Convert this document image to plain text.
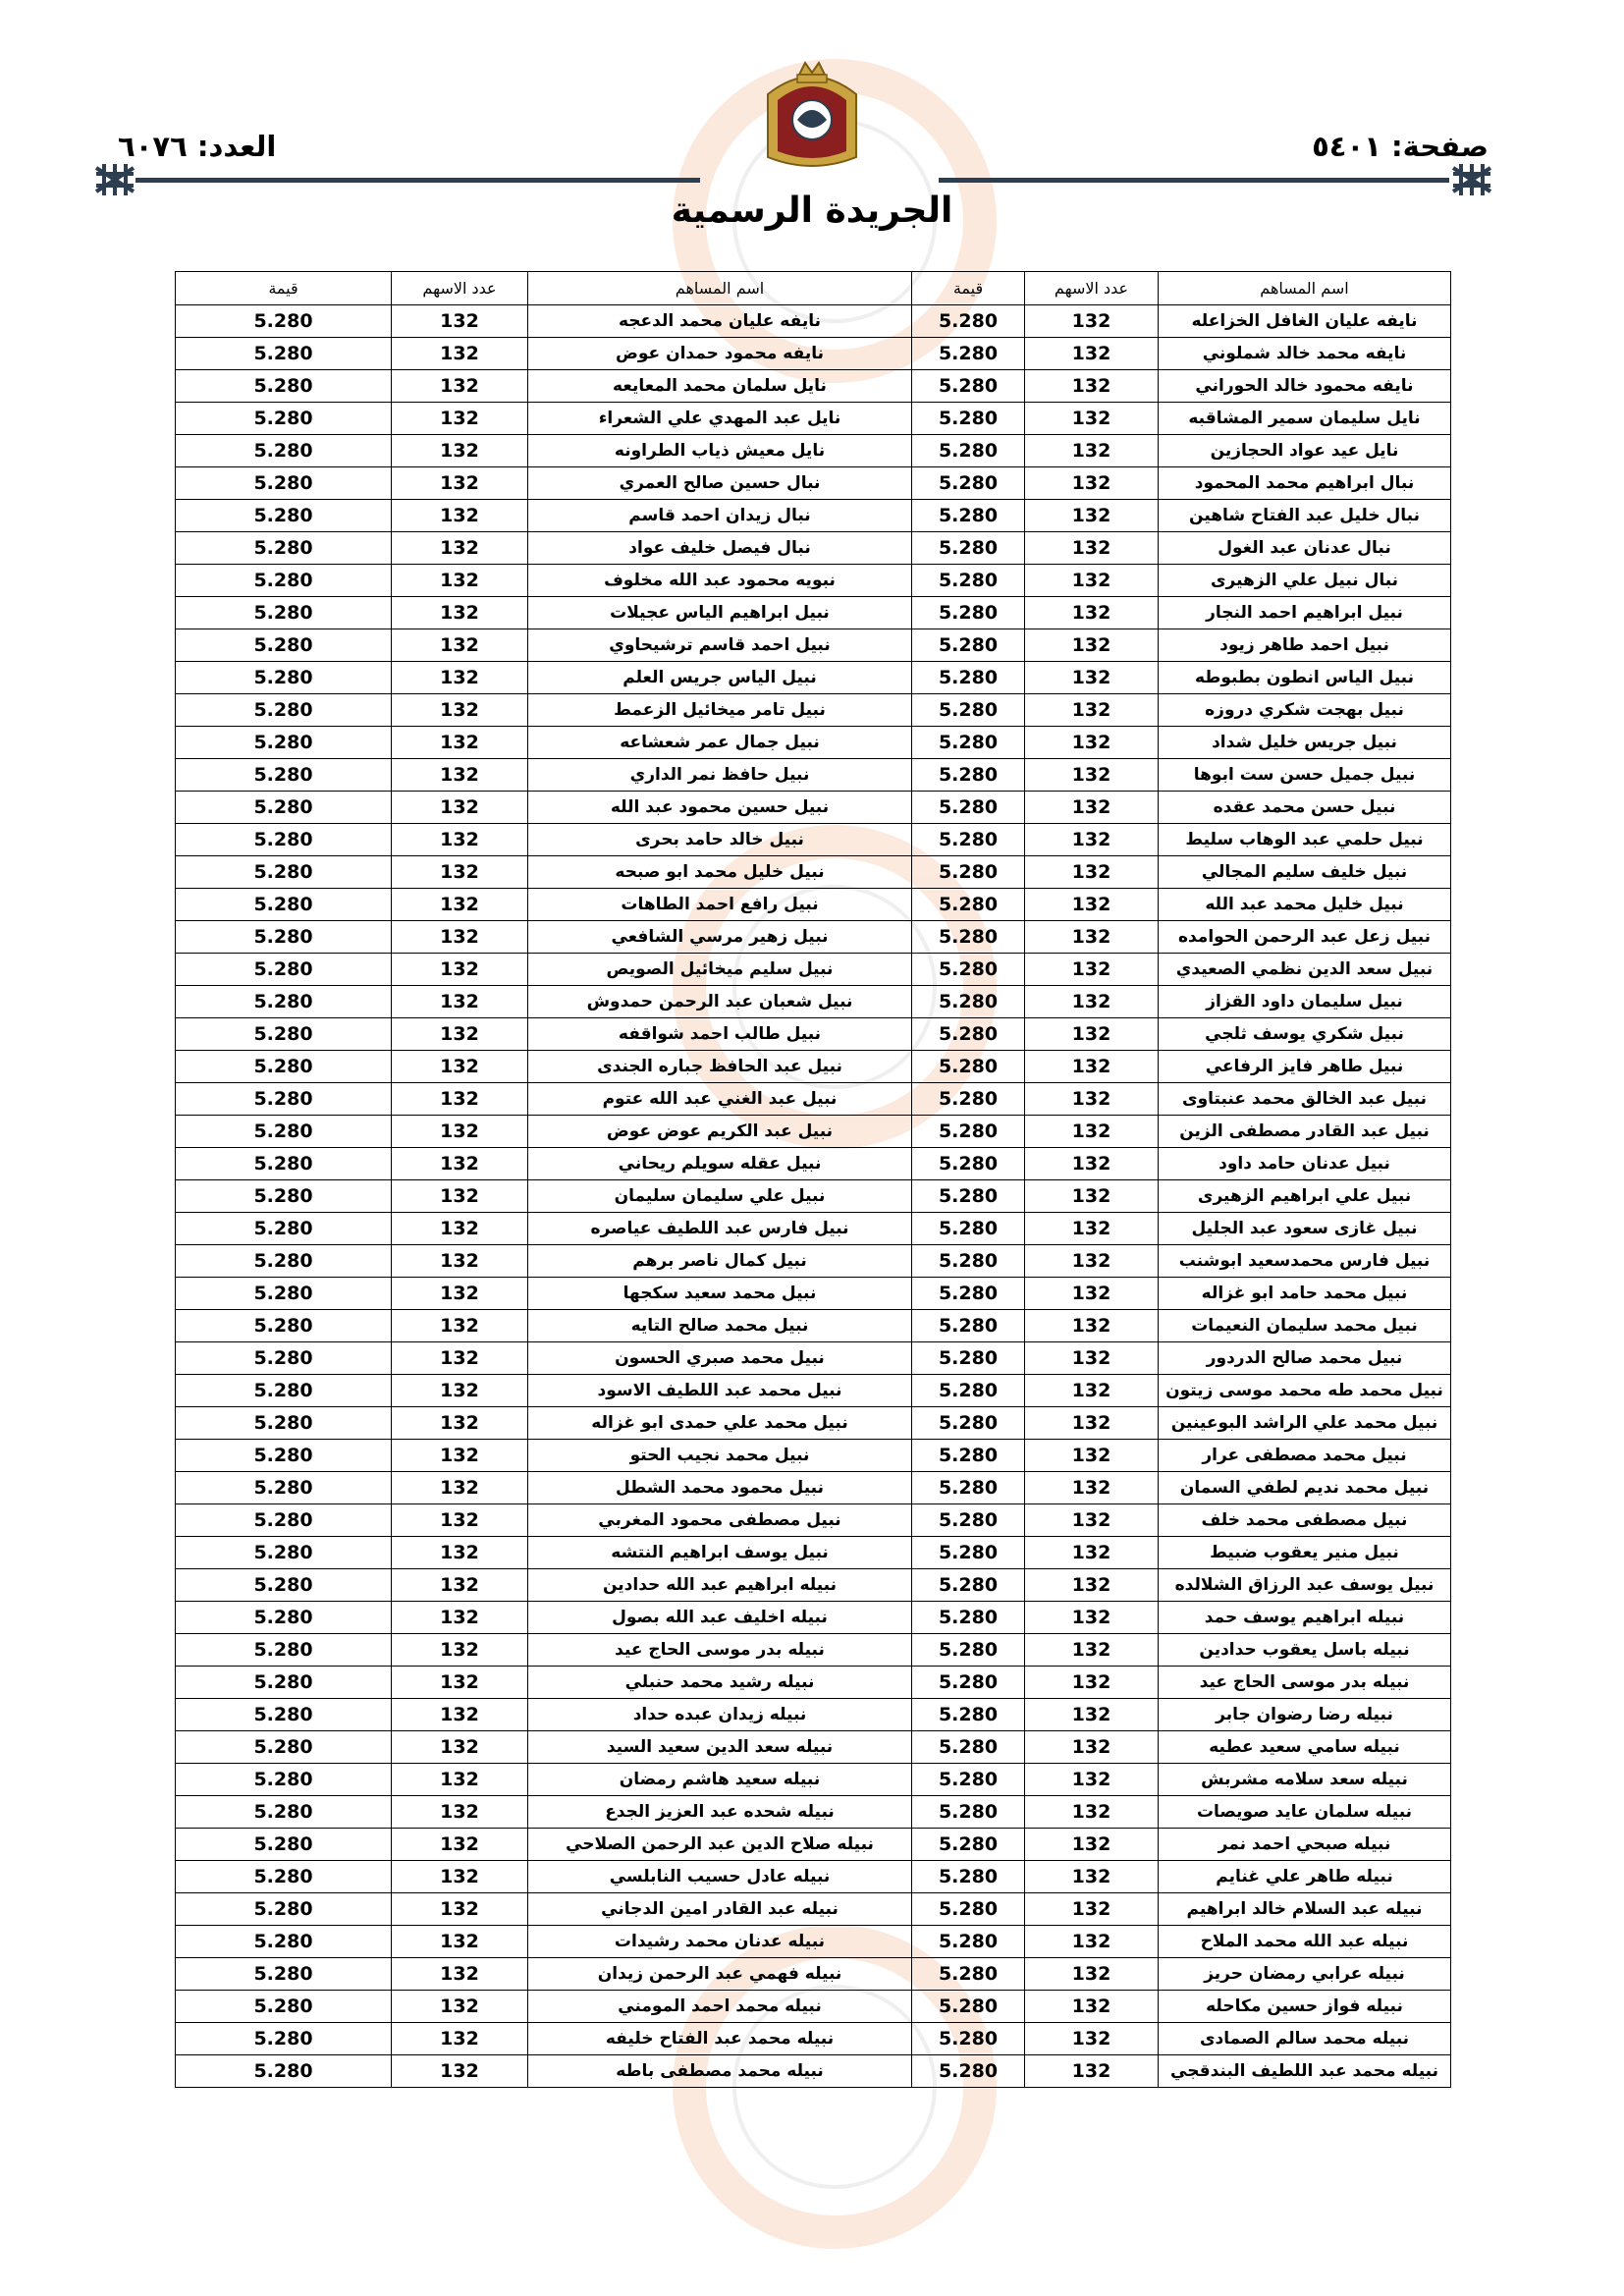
صفحة: ٥٤٠١
العدد: ٦٠٧٦
الجريدة الرسمية
اسم المساهم	عدد الاسهم	قيمة	اسم المساهم	عدد الاسهم	قيمة
نايفه عليان الغافل الخزاعله	132	5.280	نايفه عليان محمد الدعجه	132	5.280
نايفه محمد خالد شملوني	132	5.280	نايفه محمود حمدان عوض	132	5.280
نايفه محمود خالد الحوراني	132	5.280	نايل سلمان محمد المعايعه	132	5.280
نايل سليمان سمير المشاقبه	132	5.280	نايل عبد المهدي علي الشعراء	132	5.280
نايل عيد عواد الحجازين	132	5.280	نايل معيش ذياب الطراونه	132	5.280
نبال ابراهيم محمد المحمود	132	5.280	نبال حسين صالح العمري	132	5.280
نبال خليل عبد الفتاح شاهين	132	5.280	نبال زيدان احمد قاسم	132	5.280
نبال عدنان عبد الغول	132	5.280	نبال فيصل خليف عواد	132	5.280
نبال نبيل علي الزهيرى	132	5.280	نبويه محمود عبد الله مخلوف	132	5.280
نبيل ابراهيم احمد النجار	132	5.280	نبيل ابراهيم الياس عجيلات	132	5.280
نبيل احمد طاهر زيود	132	5.280	نبيل احمد قاسم ترشيحاوي	132	5.280
نبيل الياس انطون بطبوطه	132	5.280	نبيل الياس جريس العلم	132	5.280
نبيل بهجت شكري دروزه	132	5.280	نبيل تامر ميخائيل الزعمط	132	5.280
نبيل جريس خليل شداد	132	5.280	نبيل جمال عمر شعشاعه	132	5.280
نبيل جميل حسن ست ابوها	132	5.280	نبيل حافظ نمر الداري	132	5.280
نبيل حسن محمد عقده	132	5.280	نبيل حسين محمود عبد الله	132	5.280
نبيل حلمي عبد الوهاب سليط	132	5.280	نبيل خالد حامد بحرى	132	5.280
نبيل خليف سليم المجالي	132	5.280	نبيل خليل محمد ابو صبحه	132	5.280
نبيل خليل محمد عبد الله	132	5.280	نبيل رافع احمد الطاهات	132	5.280
نبيل زعل عبد الرحمن الحوامده	132	5.280	نبيل زهير مرسي الشافعي	132	5.280
نبيل سعد الدين نظمي الصعيدي	132	5.280	نبيل سليم ميخائيل الصويص	132	5.280
نبيل سليمان داود القزاز	132	5.280	نبيل شعبان عبد الرحمن حمدوش	132	5.280
نبيل شكري يوسف ثلجي	132	5.280	نبيل طالب احمد شواقفه	132	5.280
نبيل طاهر فايز الرفاعي	132	5.280	نبيل عبد الحافظ جباره الجندى	132	5.280
نبيل عبد الخالق محمد عنبتاوى	132	5.280	نبيل عبد الغني عبد الله عتوم	132	5.280
نبيل عبد القادر مصطفى الزين	132	5.280	نبيل عبد الكريم عوض عوض	132	5.280
نبيل عدنان حامد داود	132	5.280	نبيل عقله سويلم ريحاني	132	5.280
نبيل علي ابراهيم الزهيرى	132	5.280	نبيل علي سليمان سليمان	132	5.280
نبيل غازى سعود عبد الجليل	132	5.280	نبيل فارس عبد اللطيف عياصره	132	5.280
نبيل فارس محمدسعيد ابوشنب	132	5.280	نبيل كمال ناصر برهم	132	5.280
نبيل محمد حامد ابو غزاله	132	5.280	نبيل محمد سعيد سكجها	132	5.280
نبيل محمد سليمان النعيمات	132	5.280	نبيل محمد صالح التايه	132	5.280
نبيل محمد صالح الدردور	132	5.280	نبيل محمد صبري الحسون	132	5.280
نبيل محمد طه محمد موسى زيتون	132	5.280	نبيل محمد عبد اللطيف الاسود	132	5.280
نبيل محمد علي الراشد البوعينين	132	5.280	نبيل محمد علي حمدى ابو غزاله	132	5.280
نبيل محمد مصطفى عرار	132	5.280	نبيل محمد نجيب الحتو	132	5.280
نبيل محمد نديم لطفي السمان	132	5.280	نبيل محمود محمد الشطل	132	5.280
نبيل مصطفى محمد خلف	132	5.280	نبيل مصطفى محمود المغربي	132	5.280
نبيل منير يعقوب ضبيط	132	5.280	نبيل يوسف ابراهيم النتشه	132	5.280
نبيل يوسف عبد الرزاق الشلالده	132	5.280	نبيله ابراهيم عبد الله حدادين	132	5.280
نبيله ابراهيم يوسف حمد	132	5.280	نبيله اخليف عبد الله بصول	132	5.280
نبيله باسل يعقوب حدادين	132	5.280	نبيله بدر موسى الحاج عيد	132	5.280
نبيله بدر موسى الحاج عيد	132	5.280	نبيله رشيد محمد حنبلي	132	5.280
نبيله رضا رضوان جابر	132	5.280	نبيله زيدان عبده حداد	132	5.280
نبيله سامي سعيد عطيه	132	5.280	نبيله سعد الدين سعيد السيد	132	5.280
نبيله سعد سلامه مشربش	132	5.280	نبيله سعيد هاشم رمضان	132	5.280
نبيله سلمان عايد صويصات	132	5.280	نبيله شحده عبد العزيز الجدع	132	5.280
نبيله صبحي احمد نمر	132	5.280	نبيله صلاح الدين عبد الرحمن الصلاحي	132	5.280
نبيله طاهر علي غنايم	132	5.280	نبيله عادل حسيب النابلسي	132	5.280
نبيله عبد السلام خالد ابراهيم	132	5.280	نبيله عبد القادر امين الدجاني	132	5.280
نبيله عبد الله محمد الملاح	132	5.280	نبيله عدنان محمد رشيدات	132	5.280
نبيله عرابي رمضان حريز	132	5.280	نبيله فهمي عبد الرحمن زيدان	132	5.280
نبيله فواز حسين مكاحله	132	5.280	نبيله محمد احمد المومني	132	5.280
نبيله محمد سالم الصمادى	132	5.280	نبيله محمد عبد الفتاح خليفه	132	5.280
نبيله محمد عبد اللطيف البندقجي	132	5.280	نبيله محمد مصطفى باطه	132	5.280
